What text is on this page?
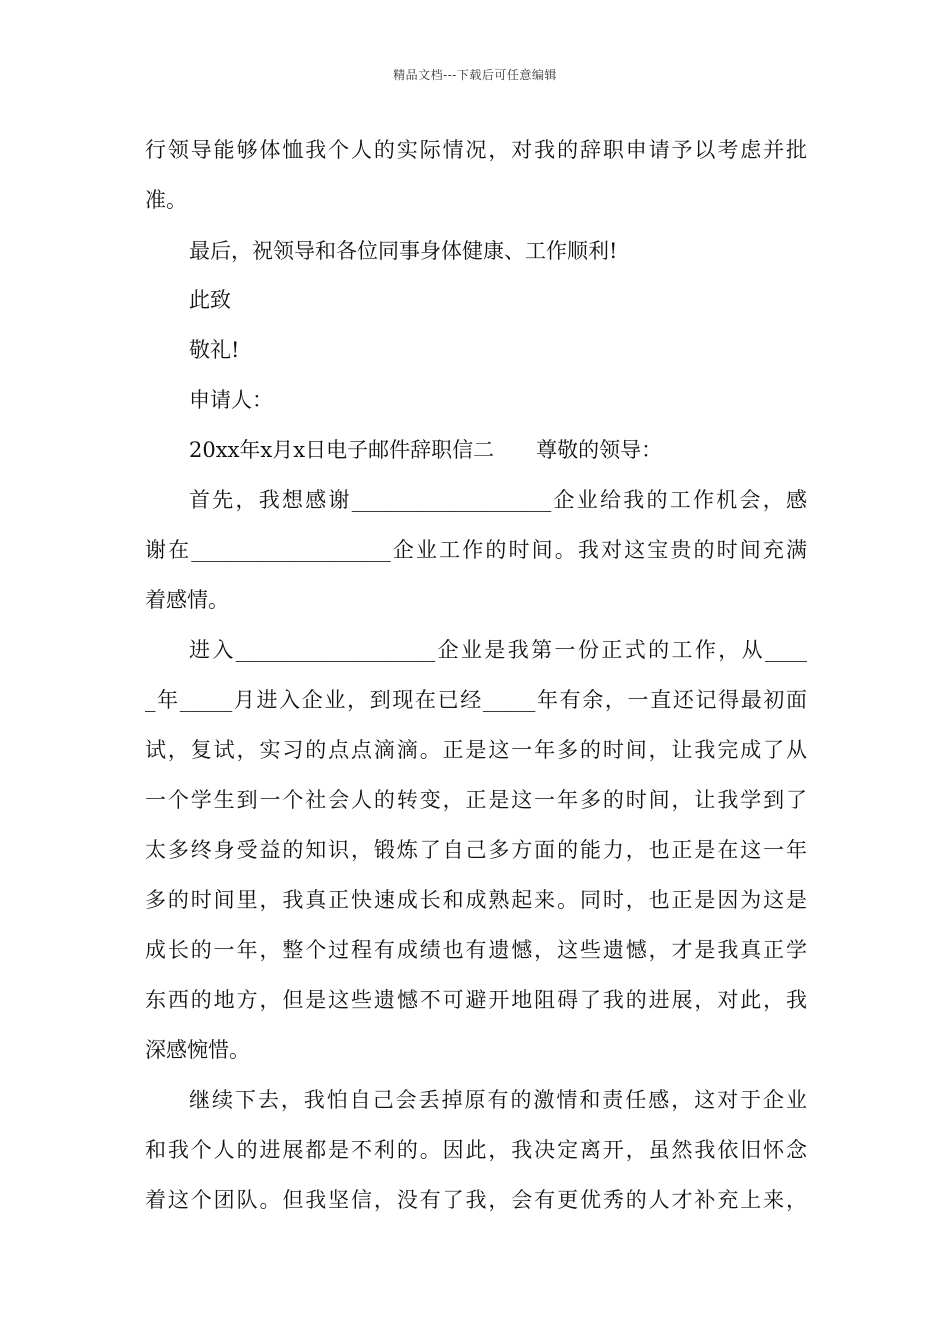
精品文档---下载后可任意编辑
行领导能够体恤我个人的实际情况，对我的辞职申请予以考虑并批
准。
最后，祝领导和各位同事身体健康、工作顺利!
此致
敬礼!
申请人：
20xx年x月x日电子邮件辞职信二　　尊敬的领导：
首先，我想感谢___________________企业给我的工作机会，感
谢在___________________企业工作的时间。我对这宝贵的时间充满
着感情。
进入___________________企业是我第一份正式的工作，从____
_年_____月进入企业，到现在已经_____年有余，一直还记得最初面
试，复试，实习的点点滴滴。正是这一年多的时间，让我完成了从
一个学生到一个社会人的转变，正是这一年多的时间，让我学到了
太多终身受益的知识，锻炼了自己多方面的能力，也正是在这一年
多的时间里，我真正快速成长和成熟起来。同时，也正是因为这是
成长的一年，整个过程有成绩也有遗憾，这些遗憾，才是我真正学
东西的地方，但是这些遗憾不可避开地阻碍了我的进展，对此，我
深感惋惜。
继续下去，我怕自己会丢掉原有的激情和责任感，这对于企业
和我个人的进展都是不利的。因此，我决定离开，虽然我依旧怀念
着这个团队。但我坚信，没有了我，会有更优秀的人才补充上来，
